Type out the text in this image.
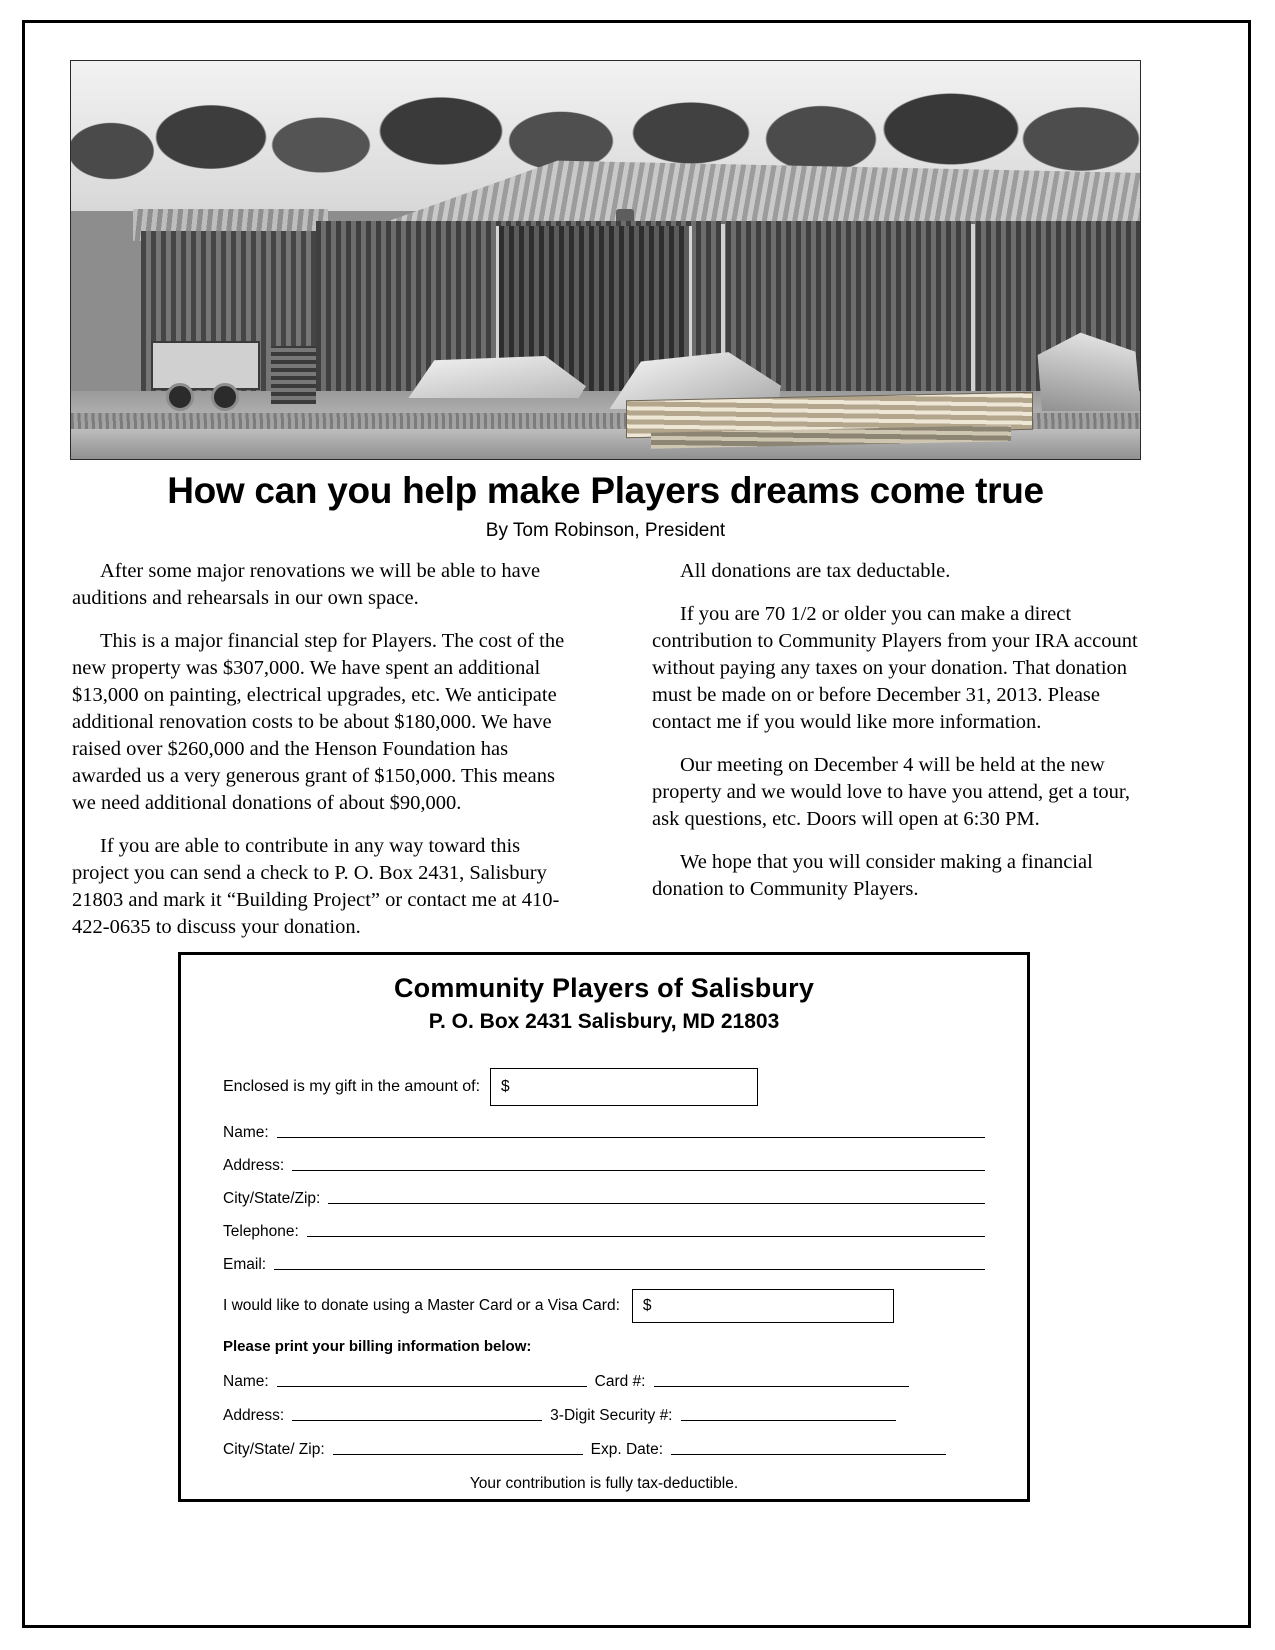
How can you help make Players dreams come true
By Tom Robinson, President

After some major renovations we will be able to have auditions and rehearsals in our own space.

This is a major financial step for Players. The cost of the new property was $307,000. We have spent an additional $13,000 on painting, electrical upgrades, etc. We anticipate additional renovation costs to be about $180,000. We have raised over $260,000 and the Henson Foundation has awarded us a very generous grant of $150,000. This means we need additional donations of about $90,000.

If you are able to contribute in any way toward this project you can send a check to P. O. Box 2431, Salisbury 21803 and mark it “Building Project” or contact me at 410-422-0635 to discuss your donation.

All donations are tax deductable.

If you are 70 1/2 or older you can make a direct contribution to Community Players from your IRA account without paying any taxes on your donation. That donation must be made on or before December 31, 2013. Please contact me if you would like more information.

Our meeting on December 4 will be held at the new property and we would love to have you attend, get a tour, ask questions, etc. Doors will open at 6:30 PM.

We hope that you will consider making a financial donation to Community Players.

Community Players of Salisbury
P. O. Box 2431 Salisbury, MD 21803
Enclosed is my gift in the amount of:	$
Name:
Address:
City/State/Zip:
Telephone:
Email:
I would like to donate using a Master Card or a Visa Card:	$
Please print your billing information below:
Name:	Card #:
Address:	3-Digit Security #:
City/State/ Zip:	Exp. Date:
Your contribution is fully tax-deductible.
